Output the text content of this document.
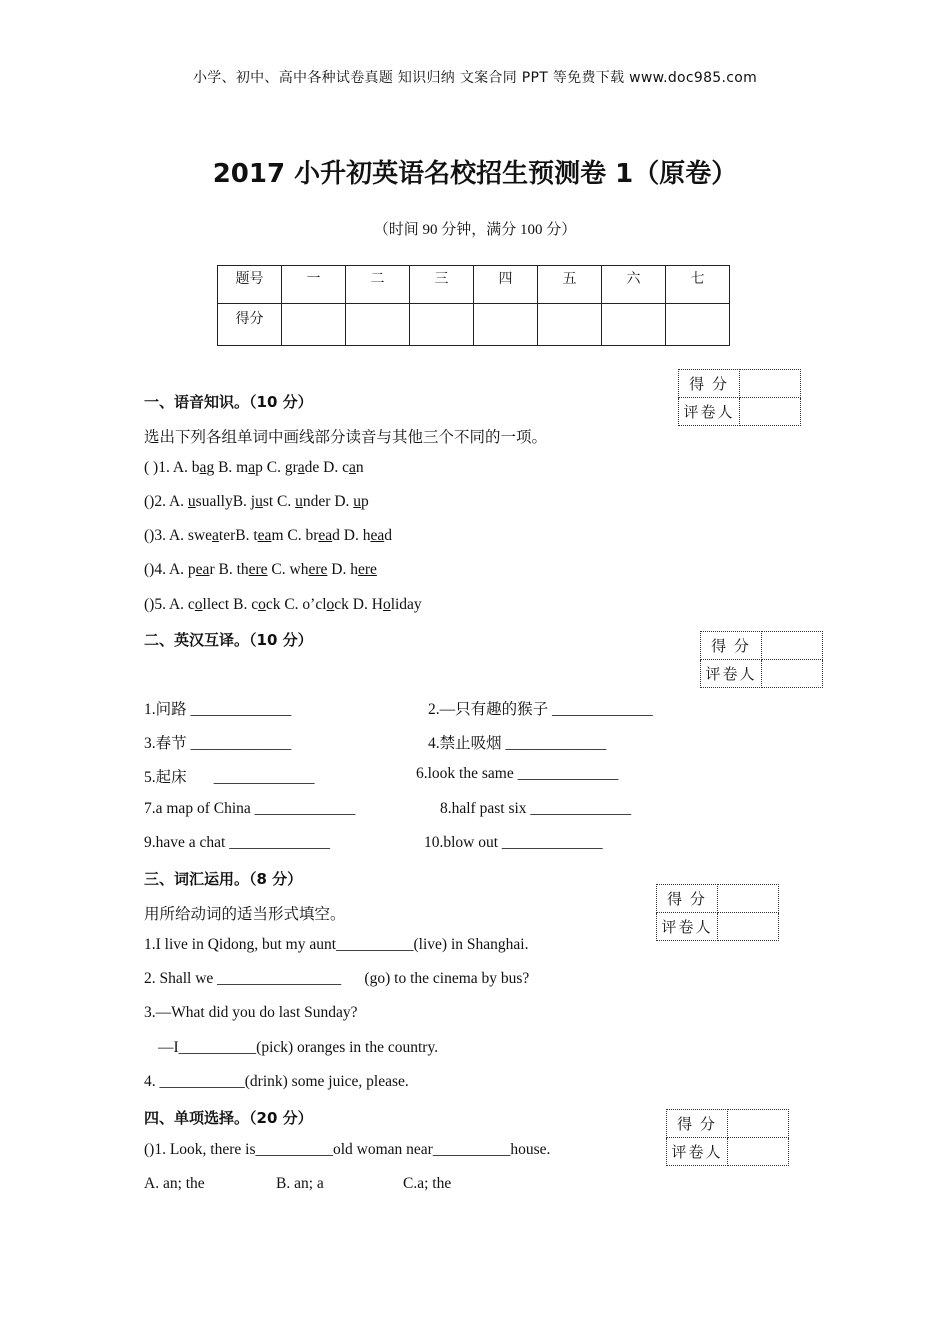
小学、初中、高中各种试卷真题 知识归纳 文案合同 PPT 等免费下载 www.doc985.com
2017 小升初英语名校招生预测卷 1（原卷）
（时间 90 分钟，满分 100 分）
题号	一	二	三	四	五	六	七
得分							
得 分	
评卷人	
一、语音知识。（10 分）
选出下列各组单词中画线部分读音与其他三个不同的一项。
( )1. A. bag B. map C. grade D. can
()2. A. usuallyB. just C. under D. up
()3. A. sweaterB. team C. bread D. head
()4. A. pear B. there C. where D. here
()5. A. collect B. cock C. o’clock D. Holiday
二、英汉互译。（10 分）	得 分	
评卷人	
1.问路 _____________	2.—只有趣的猴子 _____________
3.春节 _____________	4.禁止吸烟 _____________
5.起床       _____________	6.look the same _____________
7.a map of China _____________	8.half past six _____________
9.have a chat _____________	10.blow out _____________
三、词汇运用。（8 分）
得 分	
评卷人	
用所给动词的适当形式填空。
1.I live in Qidong, but my aunt__________(live) in Shanghai.
2. Shall we ________________      (go) to the cinema by bus?
3.—What did you do last Sunday?
—I__________(pick) oranges in the country.
4. ___________(drink) some juice, please.
四、单项选择。（20 分）	得 分	
评卷人	
()1. Look, there is__________old woman near__________house.
A. an; the	B. an; a	C.a; the
